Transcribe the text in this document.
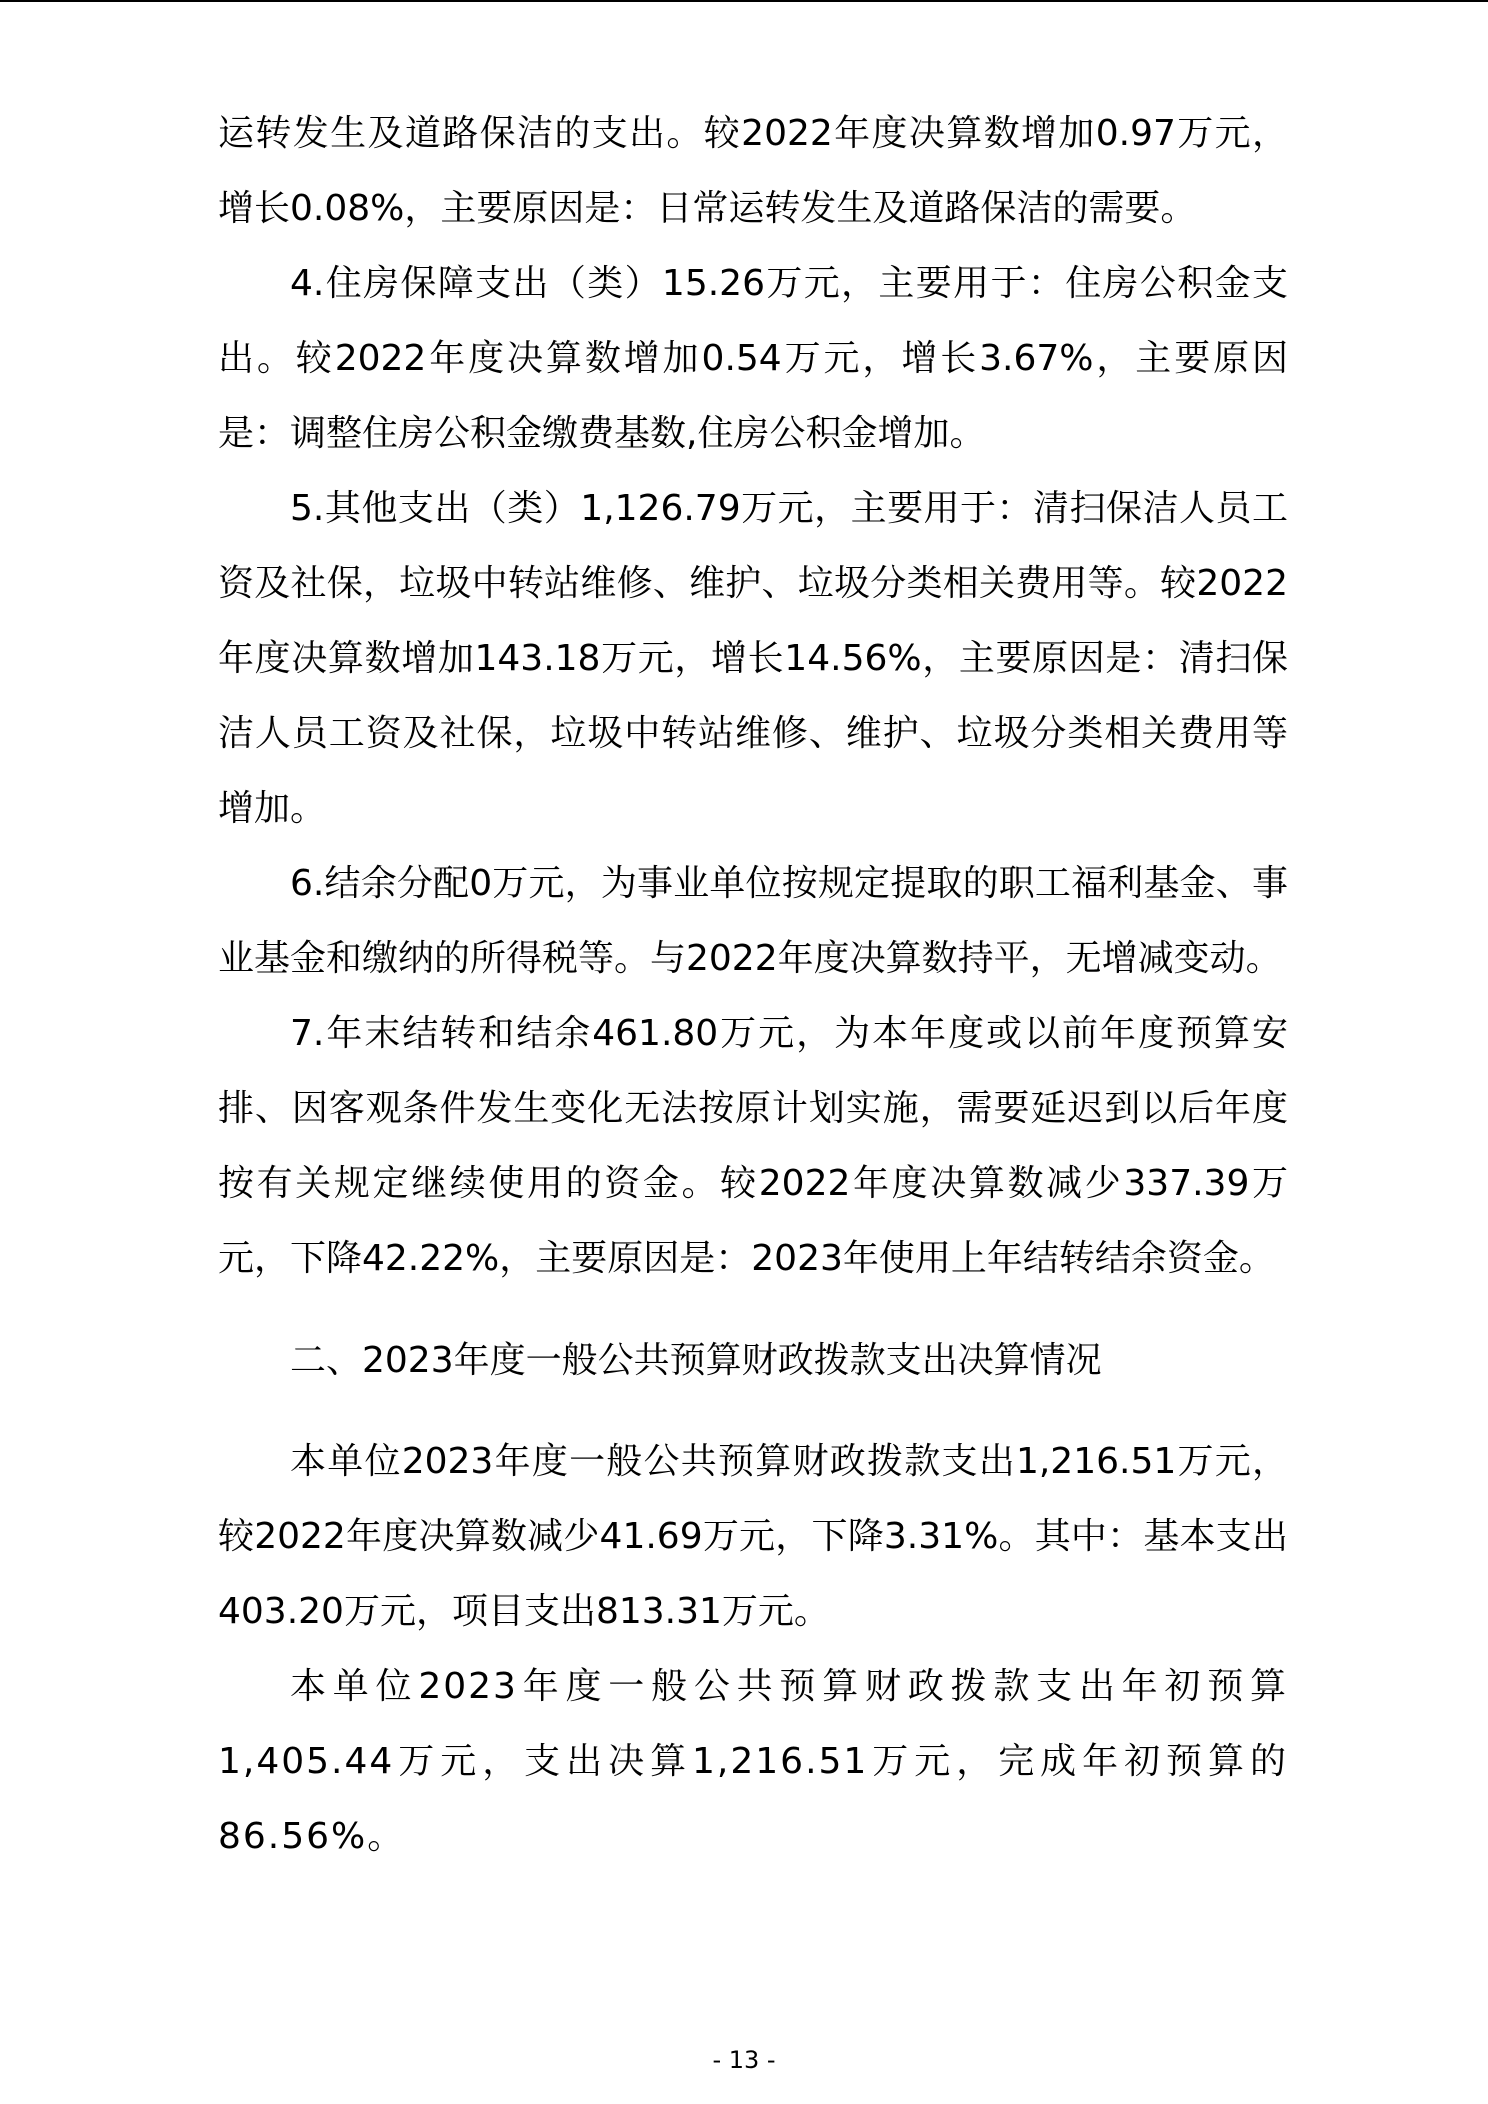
运转发生及道路保洁的支出。较2022年度决算数增加0.97万元，增长0.08%，主要原因是：日常运转发生及道路保洁的需要。

4.住房保障支出（类）15.26万元，主要用于：住房公积金支出。较2022年度决算数增加0.54万元，增长3.67%，主要原因是：调整住房公积金缴费基数,住房公积金增加。

5.其他支出（类）1,126.79万元，主要用于：清扫保洁人员工资及社保，垃圾中转站维修、维护、垃圾分类相关费用等。较2022年度决算数增加143.18万元，增长14.56%，主要原因是：清扫保洁人员工资及社保，垃圾中转站维修、维护、垃圾分类相关费用等增加。

6.结余分配0万元，为事业单位按规定提取的职工福利基金、事业基金和缴纳的所得税等。与2022年度决算数持平，无增减变动。

7.年末结转和结余461.80万元，为本年度或以前年度预算安排、因客观条件发生变化无法按原计划实施，需要延迟到以后年度按有关规定继续使用的资金。较2022年度决算数减少337.39万元，下降42.22%，主要原因是：2023年使用上年结转结余资金。

二、2023年度一般公共预算财政拨款支出决算情况

本单位2023年度一般公共预算财政拨款支出1,216.51万元，较2022年度决算数减少41.69万元，下降3.31%。其中：基本支出403.20万元，项目支出813.31万元。

本单位2023年度一般公共预算财政拨款支出年初预算1,405.44万元，支出决算1,216.51万元，完成年初预算的86.56%。

- 13 -
